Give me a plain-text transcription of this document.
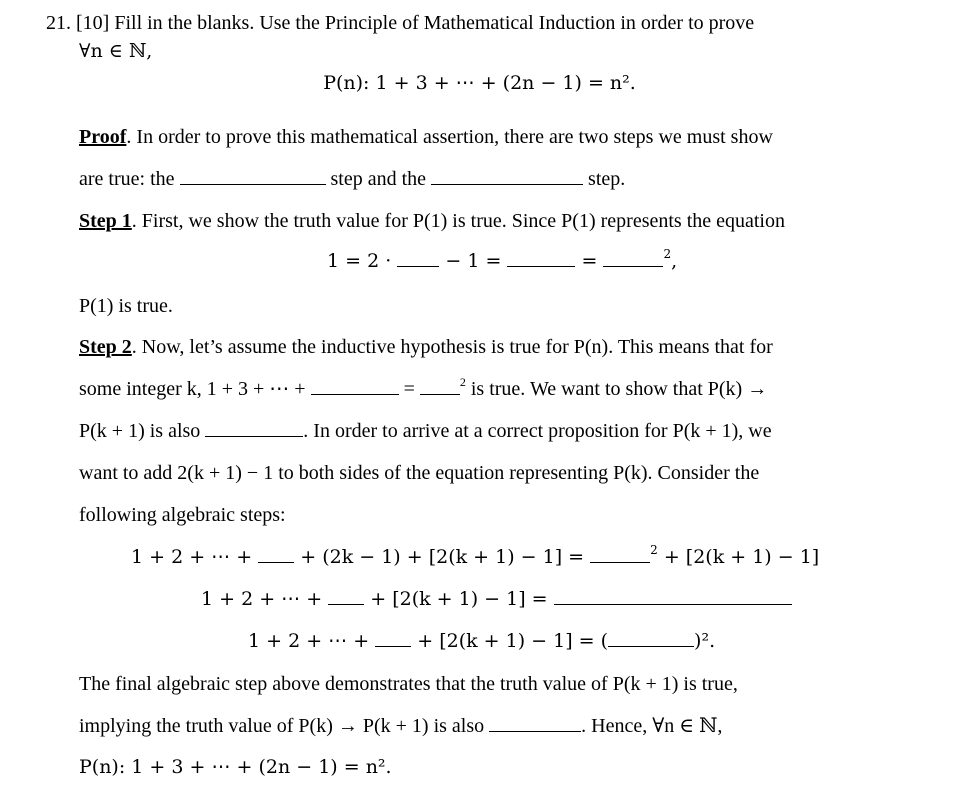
21. [10] Fill in the blanks. Use the Principle of Mathematical Induction in order to prove
∀n ∈ ℕ,
P(n): 1 + 3 + ⋯ + (2n − 1) = n².
Proof. In order to prove this mathematical assertion, there are two steps we must show
are true: the	step and the	step.
Step 1. First, we show the truth value for P(1) is true. Since P(1) represents the equation
1 = 2 ·	− 1 =	=	$^2$,
P(1) is true.
Step 2. Now, let’s assume the inductive hypothesis is true for P(n). This means that for
some integer k, 1 + 3 + ⋯ +	=	$^2$ is true. We want to show that P(k) →
P(k + 1) is also	. In order to arrive at a correct proposition for P(k + 1), we
want to add 2(k + 1) − 1 to both sides of the equation representing P(k). Consider the
following algebraic steps:
1 + 2 + ⋯ +	+ (2k − 1) + [2(k + 1) − 1] =	$^2$ + [2(k + 1) − 1]
1 + 2 + ⋯ +	+ [2(k + 1) − 1] =
1 + 2 + ⋯ +	+ [2(k + 1) − 1] = (	)².
The final algebraic step above demonstrates that the truth value of P(k + 1) is true,
implying the truth value of P(k) → P(k + 1) is also	. Hence, ∀n ∈ ℕ,
P(n): 1 + 3 + ⋯ + (2n − 1) = n².
